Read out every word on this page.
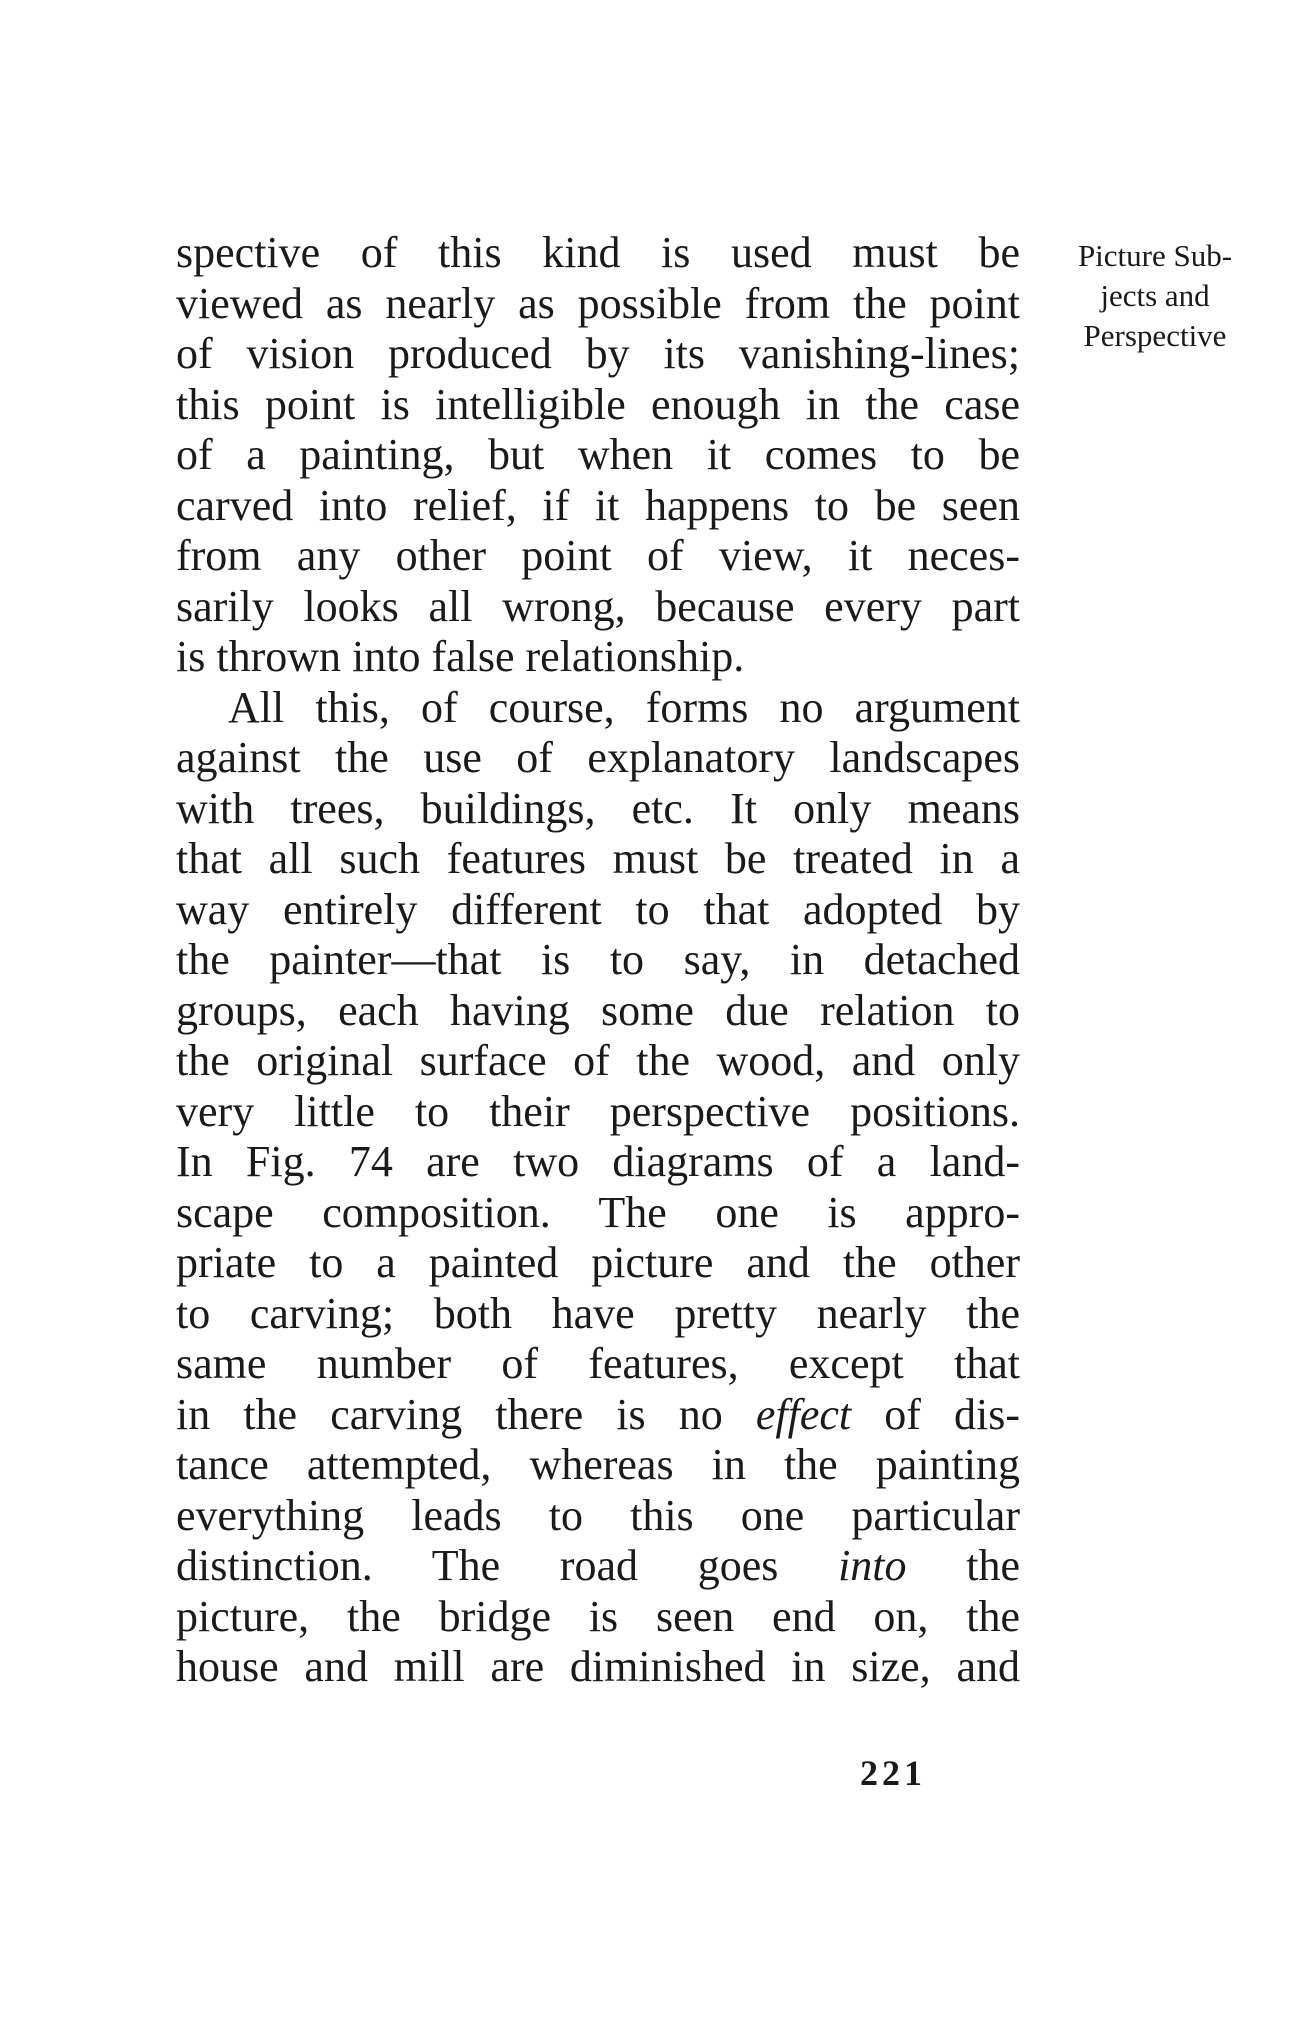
spective of this kind is used must be
viewed as nearly as possible from the point
of vision produced by its vanishing-lines;
this point is intelligible enough in the case
of a painting, but when it comes to be
carved into relief, if it happens to be seen
from any other point of view, it neces-
sarily looks all wrong, because every part
is thrown into false relationship.
All this, of course, forms no argument
against the use of explanatory landscapes
with trees, buildings, etc. It only means
that all such features must be treated in a
way entirely different to that adopted by
the painter—that is to say, in detached
groups, each having some due relation to
the original surface of the wood, and only
very little to their perspective positions.
In Fig. 74 are two diagrams of a land-
scape composition. The one is appro-
priate to a painted picture and the other
to carving; both have pretty nearly the
same number of features, except that
in the carving there is no effect of dis-
tance attempted, whereas in the painting
everything leads to this one particular
distinction. The road goes into the
picture, the bridge is seen end on, the
house and mill are diminished in size, and
Picture Sub-
jects and
Perspective
221
